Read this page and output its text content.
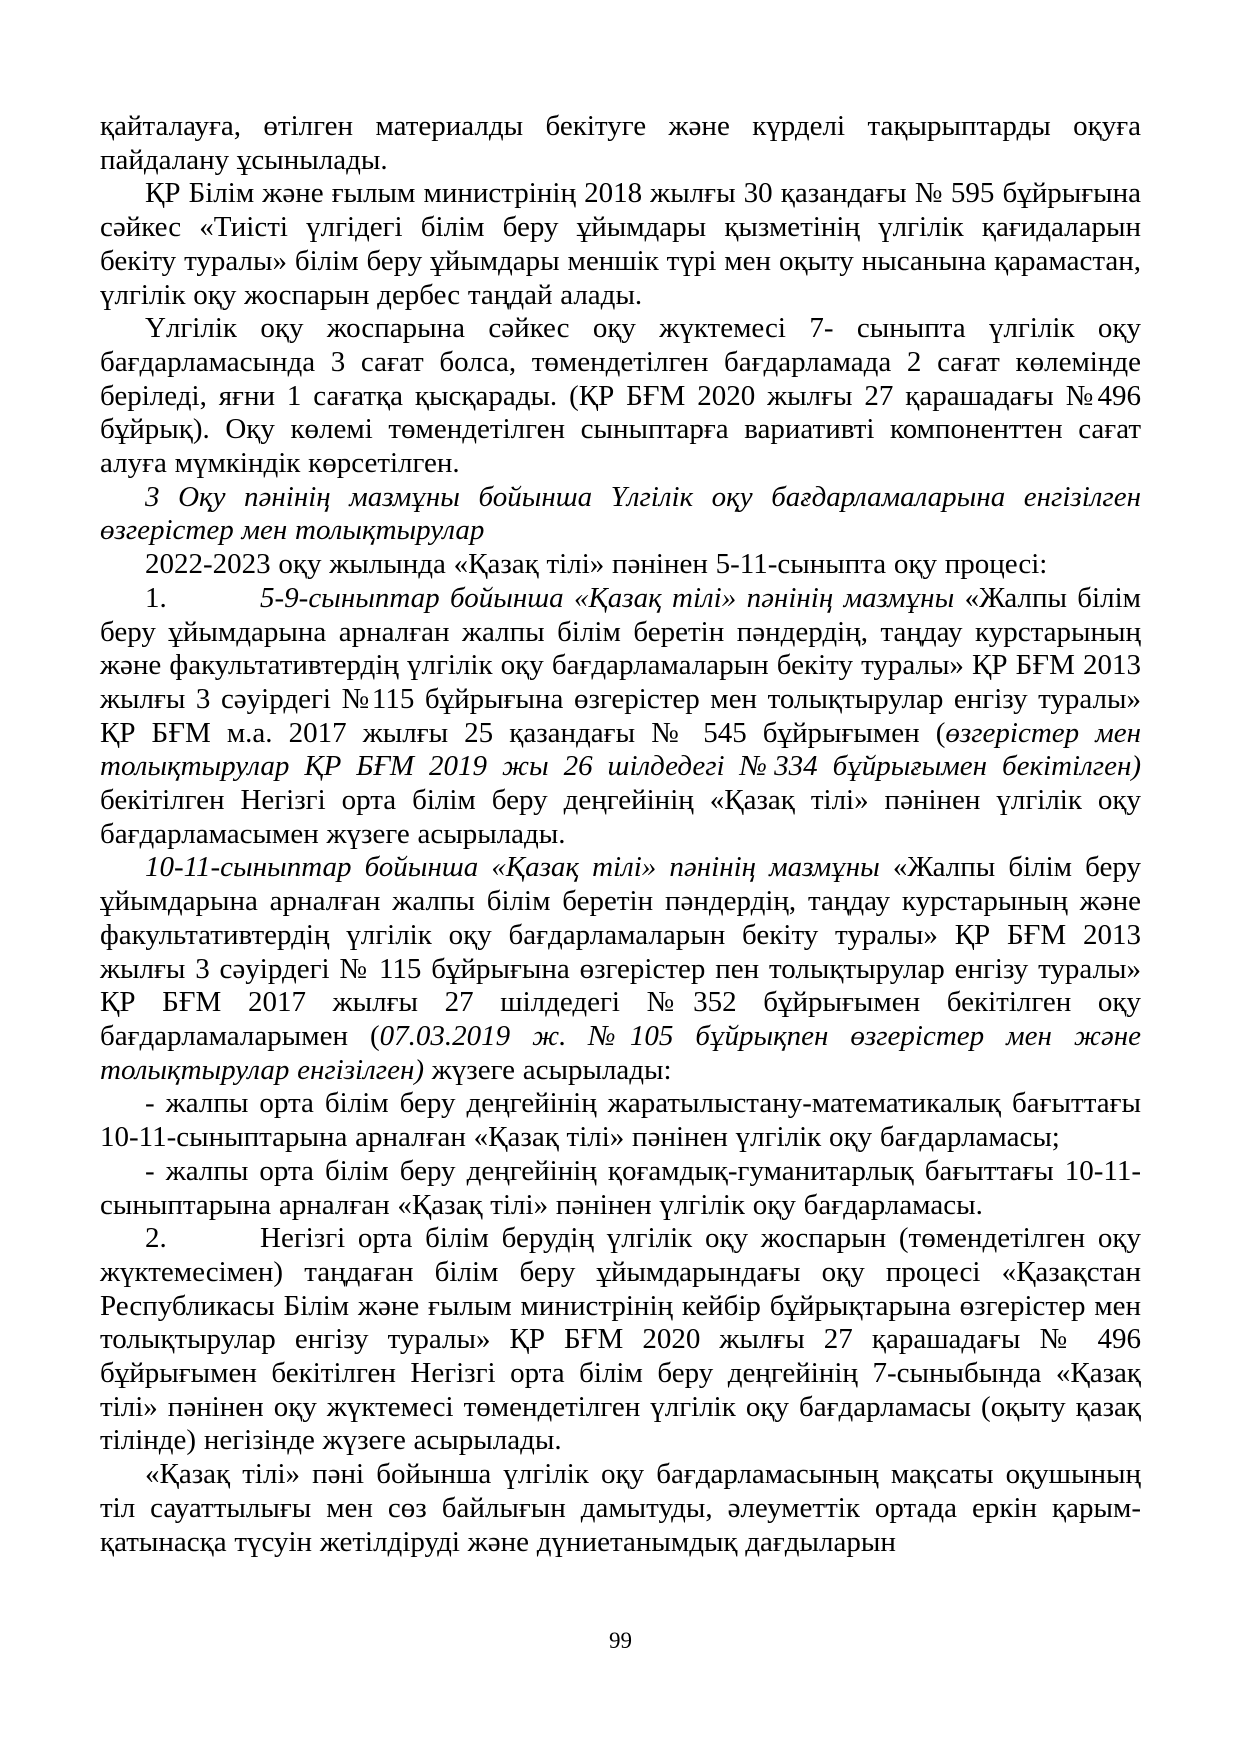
қайталауға, өтілген материалды бекітуге және күрделі тақырыптарды оқуға пайдалану ұсынылады.

ҚР Білім және ғылым министрінің 2018 жылғы 30 қазандағы № 595 бұйрығына сәйкес «Тиісті үлгідегі білім беру ұйымдары қызметінің үлгілік қағидаларын бекіту туралы» білім беру ұйымдары меншік түрі мен оқыту нысанына қарамастан, үлгілік оқу жоспарын дербес таңдай алады.

Үлгілік оқу жоспарына сәйкес оқу жүктемесі 7- сыныпта үлгілік оқу бағдарламасында 3 сағат болса, төмендетілген бағдарламада 2 сағат көлемінде беріледі, яғни 1 сағатқа қысқарады. (ҚР БҒМ 2020 жылғы 27 қарашадағы №496 бұйрық). Оқу көлемі төмендетілген сыныптарға вариативті компоненттен сағат алуға мүмкіндік көрсетілген.

3 Оқу пәнінің мазмұны бойынша Үлгілік оқу бағдарламаларына енгізілген өзгерістер мен толықтырулар

2022-2023 оқу жылында «Қазақ тілі» пәнінен 5-11-сыныпта оқу процесі:

1.	5-9-сыныптар бойынша «Қазақ тілі» пәнінің мазмұны «Жалпы білім беру ұйымдарына арналған жалпы білім беретін пәндердің, таңдау курстарының және факультативтердің үлгілік оқу бағдарламаларын бекіту туралы» ҚР БҒМ 2013 жылғы 3 сәуірдегі №115 бұйрығына өзгерістер мен толықтырулар енгізу туралы» ҚР БҒМ м.а. 2017 жылғы 25 қазандағы № 545 бұйрығымен (өзгерістер мен толықтырулар ҚР БҒМ 2019 жы 26 шілдедегі №334 бұйрығымен бекітілген) бекітілген Негізгі орта білім беру деңгейінің «Қазақ тілі» пәнінен үлгілік оқу бағдарламасымен жүзеге асырылады.

10-11-сыныптар бойынша «Қазақ тілі» пәнінің мазмұны «Жалпы білім беру ұйымдарына арналған жалпы білім беретін пәндердің, таңдау курстарының және факультативтердің үлгілік оқу бағдарламаларын бекіту туралы» ҚР БҒМ 2013 жылғы 3 сәуірдегі № 115 бұйрығына өзгерістер пен толықтырулар енгізу туралы» ҚР БҒМ 2017 жылғы 27 шілдедегі №352 бұйрығымен бекітілген оқу бағдарламаларымен (07.03.2019 ж. №105 бұйрықпен өзгерістер мен және толықтырулар енгізілген) жүзеге асырылады:

- жалпы орта білім беру деңгейінің жаратылыстану-математикалық бағыттағы 10-11-сыныптарына арналған «Қазақ тілі» пәнінен үлгілік оқу бағдарламасы;

- жалпы орта білім беру деңгейінің қоғамдық-гуманитарлық бағыттағы 10-11-сыныптарына арналған «Қазақ тілі» пәнінен үлгілік оқу бағдарламасы.

2.	Негізгі орта білім берудің үлгілік оқу жоспарын (төмендетілген оқу жүктемесімен) таңдаған білім беру ұйымдарындағы оқу процесі «Қазақстан Республикасы Білім және ғылым министрінің кейбір бұйрықтарына өзгерістер мен толықтырулар енгізу туралы» ҚР БҒМ 2020 жылғы 27 қарашадағы № 496 бұйрығымен бекітілген Негізгі орта білім беру деңгейінің 7-сыныбында «Қазақ тілі» пәнінен оқу жүктемесі төмендетілген үлгілік оқу бағдарламасы (оқыту қазақ тілінде) негізінде жүзеге асырылады.

«Қазақ тілі» пәні бойынша үлгілік оқу бағдарламасының мақсаты оқушының тіл сауаттылығы мен сөз байлығын дамытуды, әлеуметтік ортада еркін қарым-қатынасқа түсуін жетілдіруді және дүниетанымдық дағдыларын

99
